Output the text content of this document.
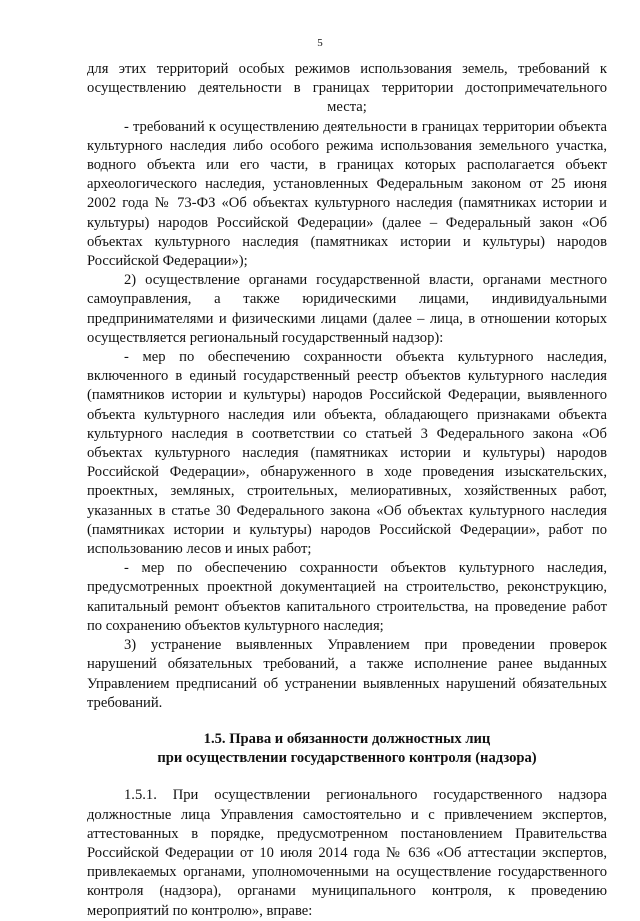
5

для этих территорий особых режимов использования земель, требований к осуществлению деятельности в границах территории достопримечательного места;

- требований к осуществлению деятельности в границах территории объекта культурного наследия либо особого режима использования земельного участка, водного объекта или его части, в границах которых располагается объект археологического наследия, установленных Федеральным законом от 25 июня 2002 года № 73-ФЗ «Об объектах культурного наследия (памятниках истории и культуры) народов Российской Федерации» (далее – Федеральный закон «Об объектах культурного наследия (памятниках истории и культуры) народов Российской Федерации»);

2) осуществление органами государственной власти, органами местного самоуправления, а также юридическими лицами, индивидуальными предпринимателями и физическими лицами (далее – лица, в отношении которых осуществляется региональный государственный надзор):

- мер по обеспечению сохранности объекта культурного наследия, включенного в единый государственный реестр объектов культурного наследия (памятников истории и культуры) народов Российской Федерации, выявленного объекта культурного наследия или объекта, обладающего признаками объекта культурного наследия в соответствии со статьей 3 Федерального закона «Об объектах культурного наследия (памятниках истории и культуры) народов Российской Федерации», обнаруженного в ходе проведения изыскательских, проектных, земляных, строительных, мелиоративных, хозяйственных работ, указанных в статье 30 Федерального закона «Об объектах культурного наследия (памятниках истории и культуры) народов Российской Федерации», работ по использованию лесов и иных работ;

- мер по обеспечению сохранности объектов культурного наследия, предусмотренных проектной документацией на строительство, реконструкцию, капитальный ремонт объектов капитального строительства, на проведение работ по сохранению объектов культурного наследия;

3) устранение выявленных Управлением при проведении проверок нарушений обязательных требований, а также исполнение ранее выданных Управлением предписаний об устранении выявленных нарушений обязательных требований.

1.5. Права и обязанности должностных лиц
при осуществлении государственного контроля (надзора)

1.5.1. При осуществлении регионального государственного надзора должностные лица Управления самостоятельно и с привлечением экспертов, аттестованных в порядке, предусмотренном постановлением Правительства Российской Федерации от 10 июля 2014 года № 636 «Об аттестации экспертов, привлекаемых органами, уполномоченными на осуществление государственного контроля (надзора), органами муниципального контроля, к проведению мероприятий по контролю», вправе:
